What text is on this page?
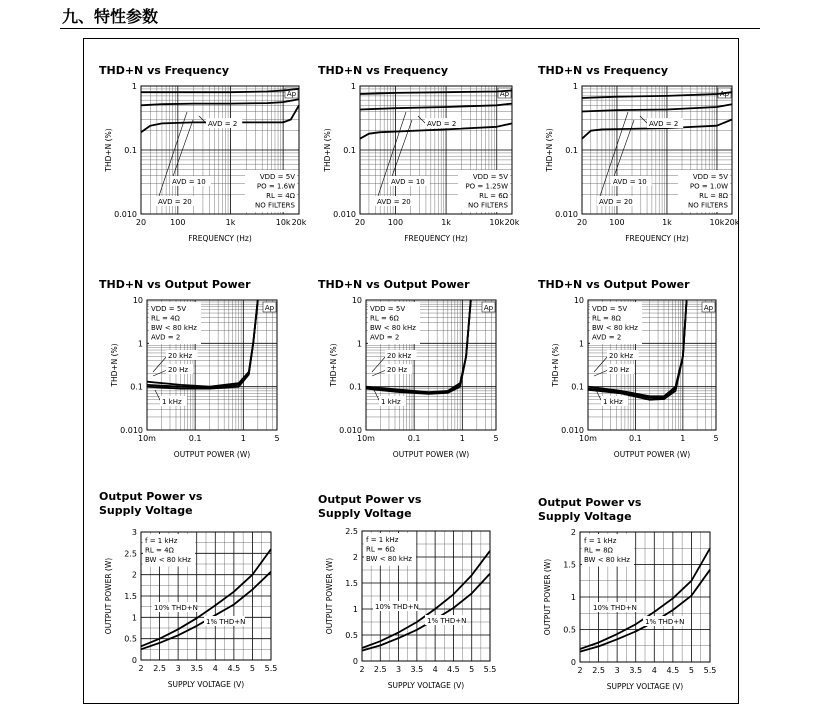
九、特性参数
THD+N vs Frequency
20	100	1k	10k 20k
0.010
0.1
1
FREQUENCY (Hz)
THD+N (%)
Ap
VDD = 5V
PO = 1.6W
RL = 4Ω
NO FILTERS
AVD = 2
AVD = 10
AVD = 20
THD+N vs Frequency
20	100	1k	10k 20k
0.010
0.1
1
FREQUENCY (Hz)
THD+N (%)
Ap
VDD = 5V
PO = 1.25W
RL = 6Ω
NO FILTERS
AVD = 2
AVD = 10
AVD = 20
THD+N vs Frequency
20	100	1k	10k 20k
0.010
0.1
1
FREQUENCY (Hz)
THD+N (%)
Ap
VDD = 5V
PO = 1.0W
RL = 8Ω
NO FILTERS
AVD = 2
AVD = 10
AVD = 20
THD+N vs Output Power
10m	0.1	1	5
0.010
0.1
1
10
OUTPUT POWER (W)
THD+N (%)
Ap
VDD = 5V
RL = 4Ω
BW < 80 kHz
AVD = 2
20 kHz
20 Hz
1 kHz
THD+N vs Output Power
10m	0.1	1	5
0.010
0.1
1
10
OUTPUT POWER (W)
THD+N (%)
Ap
VDD = 5V
RL = 6Ω
BW < 80 kHz
AVD = 2
20 kHz
20 Hz
1 kHz
THD+N vs Output Power
10m	0.1	1	5
0.010
0.1
1
10
OUTPUT POWER (W)
THD+N (%)
Ap
VDD = 5V
RL = 8Ω
BW < 80 kHz
AVD = 2
20 kHz
20 Hz
1 kHz
Output Power vs
Supply Voltage
2 2.5 3 3.5 4 4.5 5 5.5
0
0.5
1
1.5
2
2.5
3
SUPPLY VOLTAGE (V)
OUTPUT POWER (W)
f = 1 kHz
RL = 4Ω
BW < 80 kHz
10% THD+N
1% THD+N
Output Power vs
Supply Voltage
2 2.5 3 3.5 4 4.5 5 5.5
0
0.5
1
1.5
2
2.5
SUPPLY VOLTAGE (V)
OUTPUT POWER (W)
f = 1 kHz
RL = 6Ω
BW < 80 kHz
10% THD+N
1% THD+N
Output Power vs
Supply Voltage
2 2.5 3 3.5 4 4.5 5 5.5
0
0.5
1
1.5
2
SUPPLY VOLTAGE (V)
OUTPUT POWER (W)
f = 1 kHz
RL = 8Ω
BW < 80 kHz
10% THD+N
1% THD+N
